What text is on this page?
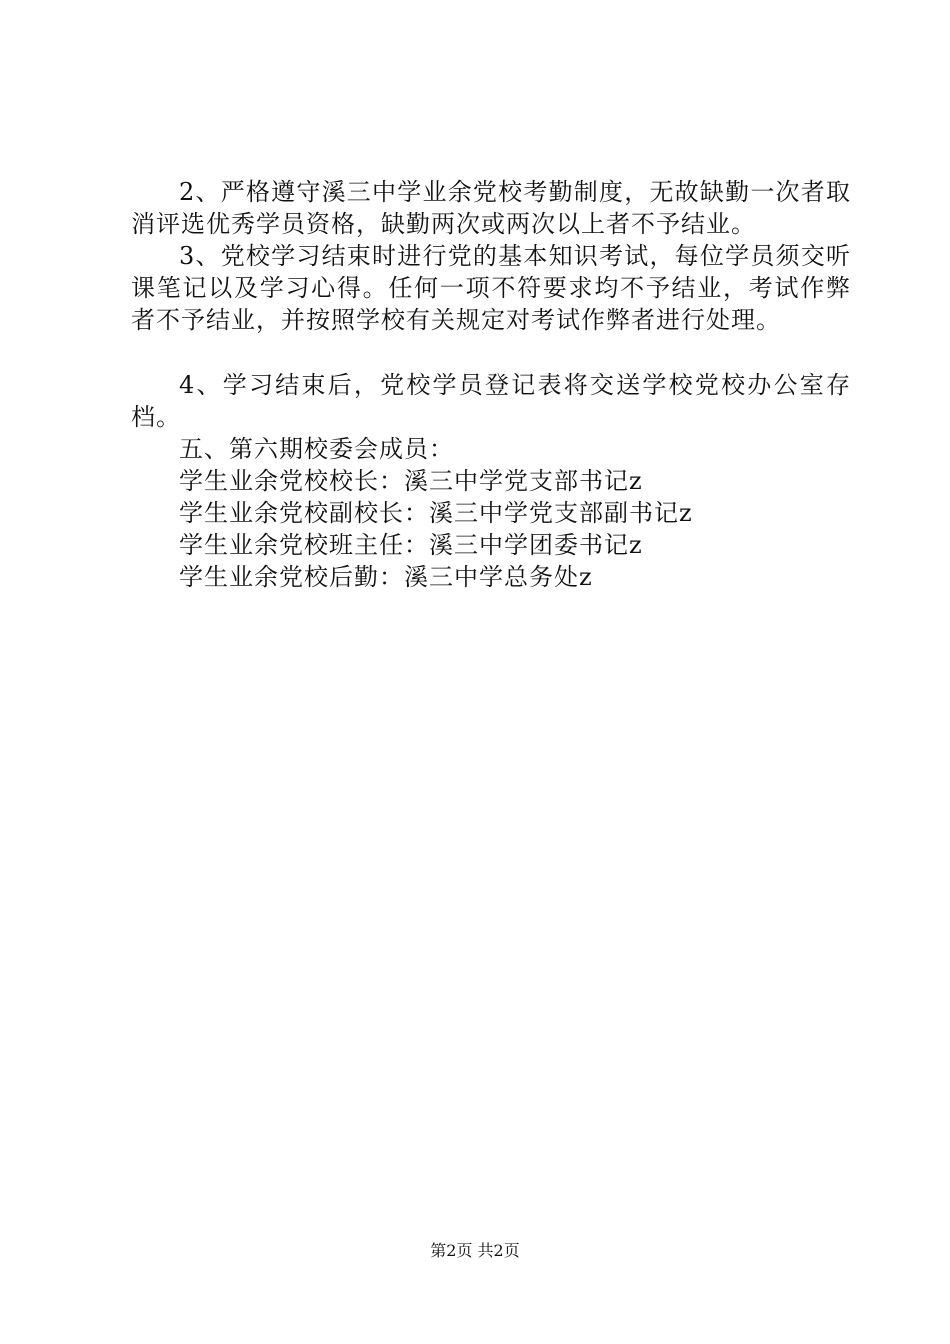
2、严格遵守溪三中学业余党校考勤制度，无故缺勤一次者取消评选优秀学员资格，缺勤两次或两次以上者不予结业。

3、党校学习结束时进行党的基本知识考试，每位学员须交听课笔记以及学习心得。任何一项不符要求均不予结业，考试作弊者不予结业，并按照学校有关规定对考试作弊者进行处理。

4、学习结束后，党校学员登记表将交送学校党校办公室存档。

五、第六期校委会成员：

学生业余党校校长：溪三中学党支部书记z

学生业余党校副校长：溪三中学党支部副书记z

学生业余党校班主任：溪三中学团委书记z

学生业余党校后勤：溪三中学总务处z

第2页 共2页
